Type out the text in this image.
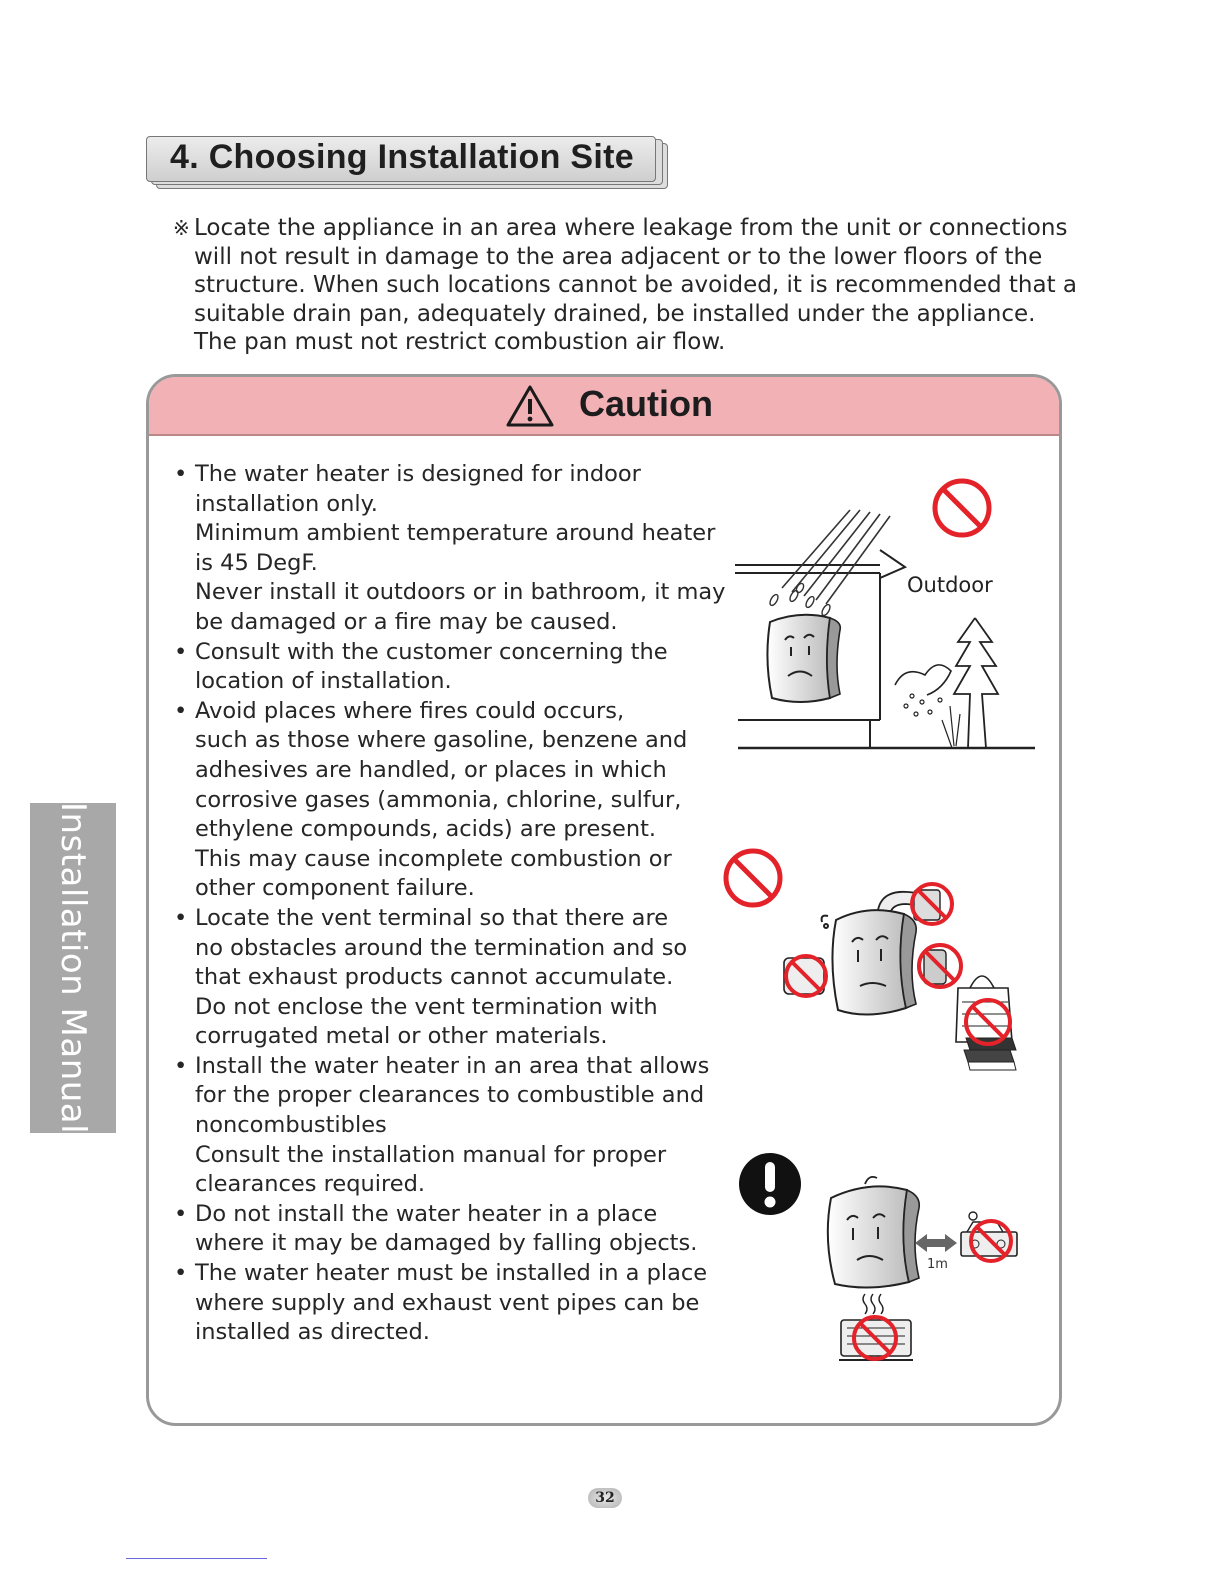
4. Choosing Installation Site
※ Locate the appliance in an area where leakage from the unit or connections
will not result in damage to the area adjacent or to the lower floors of the
structure. When such locations cannot be avoided, it is recommended that a
suitable drain pan, adequately drained, be installed under the appliance.
The pan must not restrict combustion air flow.
Caution
• The water heater is designed for indoor
installation only.
Minimum ambient temperature around heater
is 45 DegF.
Never install it outdoors or in bathroom, it may
be damaged or a fire may be caused.
• Consult with the customer concerning the
location of installation.
• Avoid places where fires could occurs,
such as those where gasoline, benzene and
adhesives are handled, or places in which
corrosive gases (ammonia, chlorine, sulfur,
ethylene compounds, acids) are present.
This may cause incomplete combustion or
other component failure.
• Locate the vent terminal so that there are
no obstacles around the termination and so
that exhaust products cannot accumulate.
Do not enclose the vent termination with
corrugated metal or other materials.
• Install the water heater in an area that allows
for the proper clearances to combustible and
noncombustibles
Consult the installation manual for proper
clearances required.
• Do not install the water heater in a place
where it may be damaged by falling objects.
• The water heater must be installed in a place
where supply and exhaust vent pipes can be
installed as directed.
Outdoor
1m
Installation Manual
32
